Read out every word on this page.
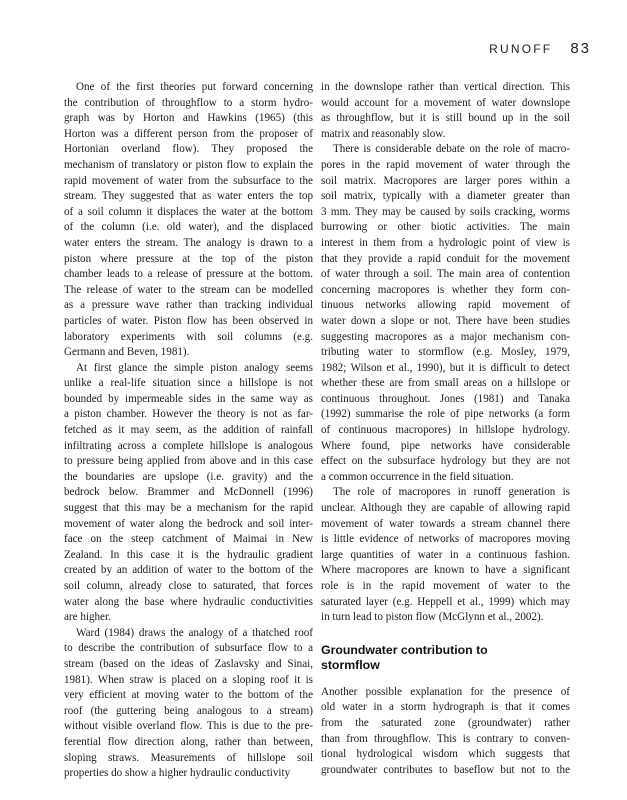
RUNOFF 83
One of the first theories put forward concerning
the contribution of throughflow to a storm hydro-
graph was by Horton and Hawkins (1965) (this
Horton was a different person from the proposer of
Hortonian overland flow). They proposed the
mechanism of translatory or piston flow to explain the
rapid movement of water from the subsurface to the
stream. They suggested that as water enters the top
of a soil column it displaces the water at the bottom
of the column (i.e. old water), and the displaced
water enters the stream. The analogy is drawn to a
piston where pressure at the top of the piston
chamber leads to a release of pressure at the bottom.
The release of water to the stream can be modelled
as a pressure wave rather than tracking individual
particles of water. Piston flow has been observed in
laboratory experiments with soil columns (e.g.
Germann and Beven, 1981).
At first glance the simple piston analogy seems
unlike a real-life situation since a hillslope is not
bounded by impermeable sides in the same way as
a piston chamber. However the theory is not as far-
fetched as it may seem, as the addition of rainfall
infiltrating across a complete hillslope is analogous
to pressure being applied from above and in this case
the boundaries are upslope (i.e. gravity) and the
bedrock below. Brammer and McDonnell (1996)
suggest that this may be a mechanism for the rapid
movement of water along the bedrock and soil inter-
face on the steep catchment of Maimai in New
Zealand. In this case it is the hydraulic gradient
created by an addition of water to the bottom of the
soil column, already close to saturated, that forces
water along the base where hydraulic conductivities
are higher.
Ward (1984) draws the analogy of a thatched roof
to describe the contribution of subsurface flow to a
stream (based on the ideas of Zaslavsky and Sinai,
1981). When straw is placed on a sloping roof it is
very efficient at moving water to the bottom of the
roof (the guttering being analogous to a stream)
without visible overland flow. This is due to the pre-
ferential flow direction along, rather than between,
sloping straws. Measurements of hillslope soil
properties do show a higher hydraulic conductivity
in the downslope rather than vertical direction. This
would account for a movement of water downslope
as throughflow, but it is still bound up in the soil
matrix and reasonably slow.
There is considerable debate on the role of macro-
pores in the rapid movement of water through the
soil matrix. Macropores are larger pores within a
soil matrix, typically with a diameter greater than
3 mm. They may be caused by soils cracking, worms
burrowing or other biotic activities. The main
interest in them from a hydrologic point of view is
that they provide a rapid conduit for the movement
of water through a soil. The main area of contention
concerning macropores is whether they form con-
tinuous networks allowing rapid movement of
water down a slope or not. There have been studies
suggesting macropores as a major mechanism con-
tributing water to stormflow (e.g. Mosley, 1979,
1982; Wilson et al., 1990), but it is difficult to detect
whether these are from small areas on a hillslope or
continuous throughout. Jones (1981) and Tanaka
(1992) summarise the role of pipe networks (a form
of continuous macropores) in hillslope hydrology.
Where found, pipe networks have considerable
effect on the subsurface hydrology but they are not
a common occurrence in the field situation.
The role of macropores in runoff generation is
unclear. Although they are capable of allowing rapid
movement of water towards a stream channel there
is little evidence of networks of macropores moving
large quantities of water in a continuous fashion.
Where macropores are known to have a significant
role is in the rapid movement of water to the
saturated layer (e.g. Heppell et al., 1999) which may
in turn lead to piston flow (McGlynn et al., 2002).
Groundwater contribution to
stormflow
Another possible explanation for the presence of
old water in a storm hydrograph is that it comes
from the saturated zone (groundwater) rather
than from throughflow. This is contrary to conven-
tional hydrological wisdom which suggests that
groundwater contributes to baseflow but not to the
